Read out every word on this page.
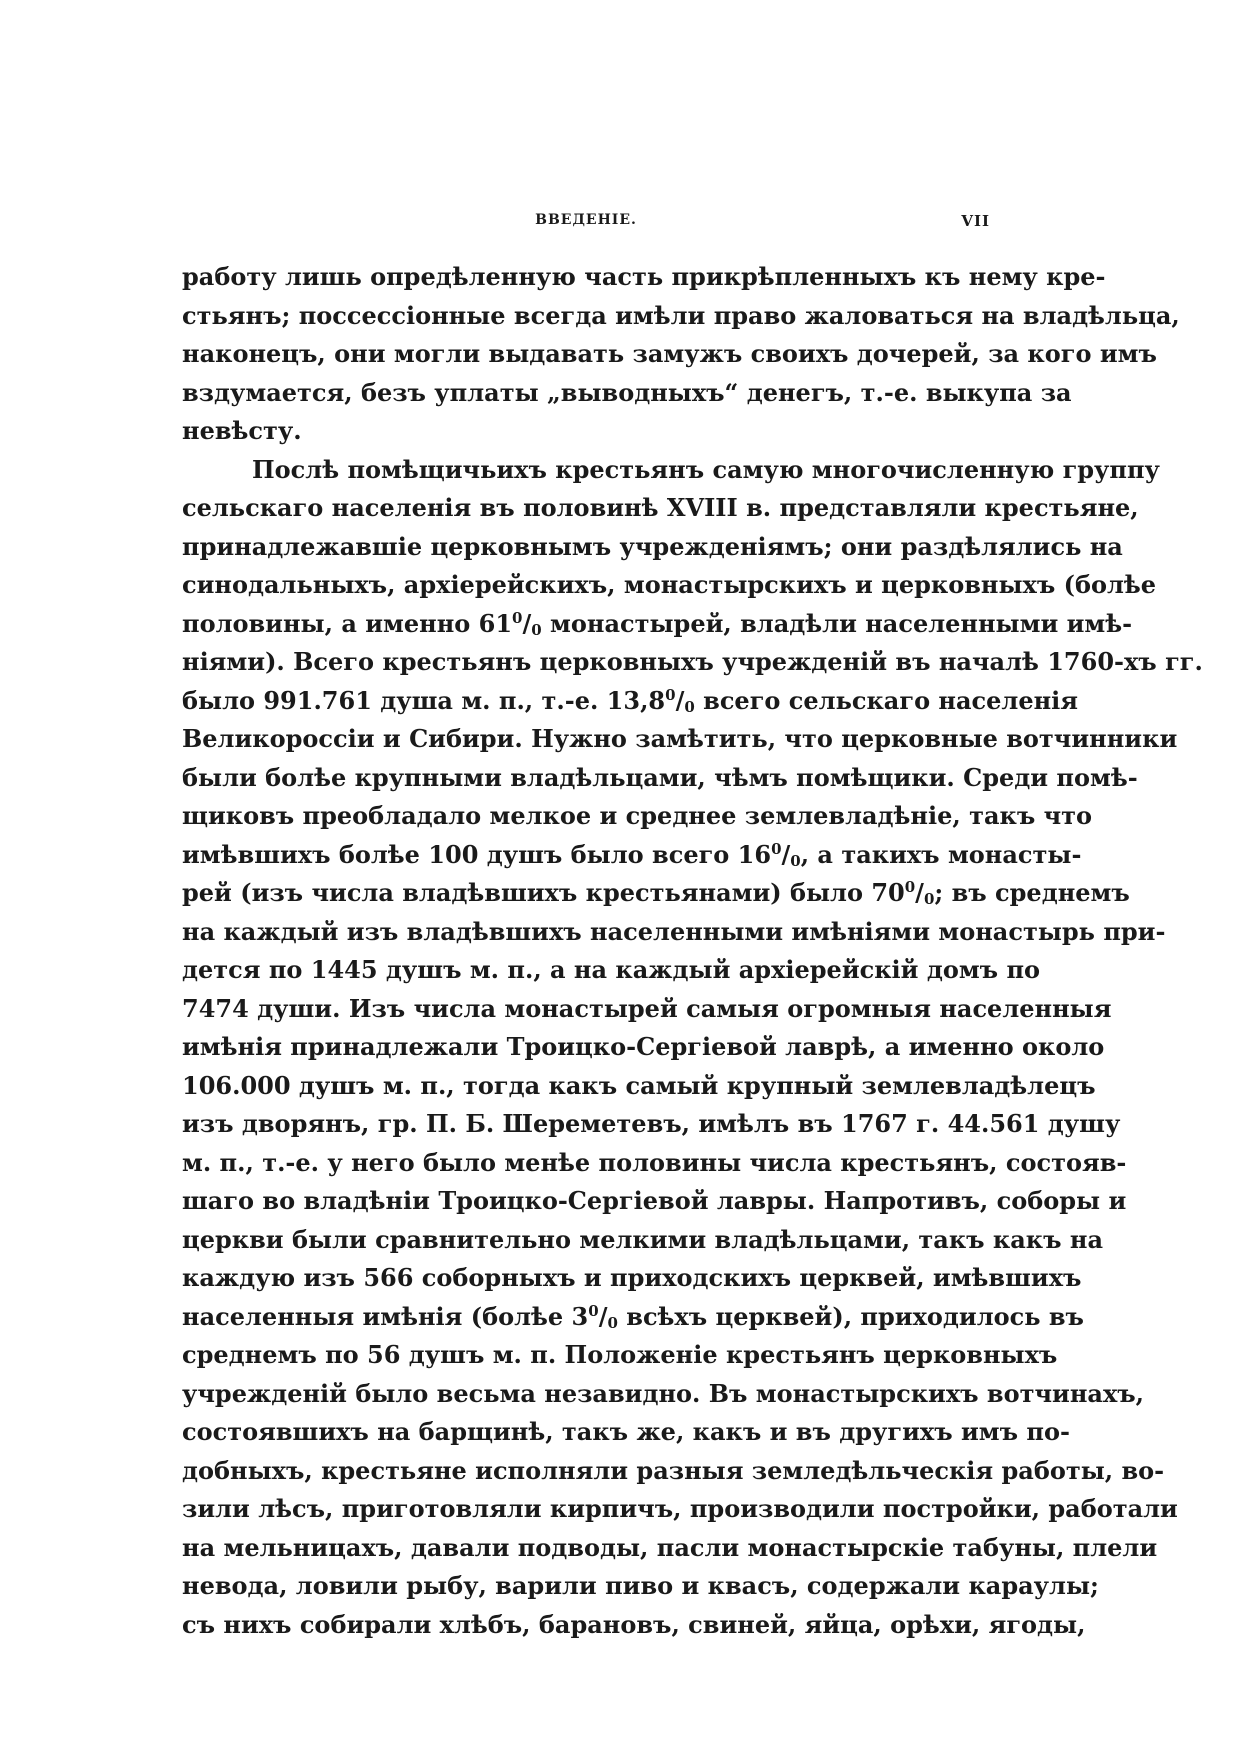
ВВЕДЕНІЕ.	VII
работу лишь опредѣленную часть прикрѣпленныхъ къ нему кре-
стьянъ; поссессіонные всегда имѣли право жаловаться на владѣльца,
наконецъ, они могли выдавать замужъ своихъ дочерей, за кого имъ
вздумается, безъ уплаты „выводныхъ“ денегъ, т.-е. выкупа за
невѣсту.
Послѣ помѣщичьихъ крестьянъ самую многочисленную группу
сельскаго населенія въ половинѣ XVIII в. представляли крестьяне,
принадлежавшіе церковнымъ учрежденіямъ; они раздѣлялись на
синодальныхъ, архіерейскихъ, монастырскихъ и церковныхъ (болѣе
половины, а именно $61^0/_0$ монастырей, владѣли населенными имѣ-
ніями). Всего крестьянъ церковныхъ учрежденій въ началѣ 1760-хъ гг.
было 991.761 душа м. п., т.-е. $13,8^0/_0$ всего сельскаго населенія
Великороссіи и Сибири. Нужно замѣтить, что церковные вотчинники
были болѣе крупными владѣльцами, чѣмъ помѣщики. Среди помѣ-
щиковъ преобладало мелкое и среднее землевладѣніе, такъ что
имѣвшихъ болѣе 100 душъ было всего $16^0/_0$, а такихъ монасты-
рей (изъ числа владѣвшихъ крестьянами) было $70^0/_0$; въ среднемъ
на каждый изъ владѣвшихъ населенными имѣніями монастырь при-
дется по 1445 душъ м. п., а на каждый архіерейскій домъ по
7474 души. Изъ числа монастырей самыя огромныя населенныя
имѣнія принадлежали Троицко-Сергіевой лаврѣ, а именно около
106.000 душъ м. п., тогда какъ самый крупный землевладѣлецъ
изъ дворянъ, гр. П. Б. Шереметевъ, имѣлъ въ 1767 г. 44.561 душу
м. п., т.-е. у него было менѣе половины числа крестьянъ, состояв-
шаго во владѣніи Троицко-Сергіевой лавры. Напротивъ, соборы и
церкви были сравнительно мелкими владѣльцами, такъ какъ на
каждую изъ 566 соборныхъ и приходскихъ церквей, имѣвшихъ
населенныя имѣнія (болѣе $3^0/_0$ всѣхъ церквей), приходилось въ
среднемъ по 56 душъ м. п. Положеніе крестьянъ церковныхъ
учрежденій было весьма незавидно. Въ монастырскихъ вотчинахъ,
состоявшихъ на барщинѣ, такъ же, какъ и въ другихъ имъ по-
добныхъ, крестьяне исполняли разныя земледѣльческія работы, во-
зили лѣсъ, приготовляли кирпичъ, производили постройки, работали
на мельницахъ, давали подводы, пасли монастырскіе табуны, плели
невода, ловили рыбу, варили пиво и квасъ, содержали караулы;
съ нихъ собирали хлѣбъ, барановъ, свиней, яйца, орѣхи, ягоды,
